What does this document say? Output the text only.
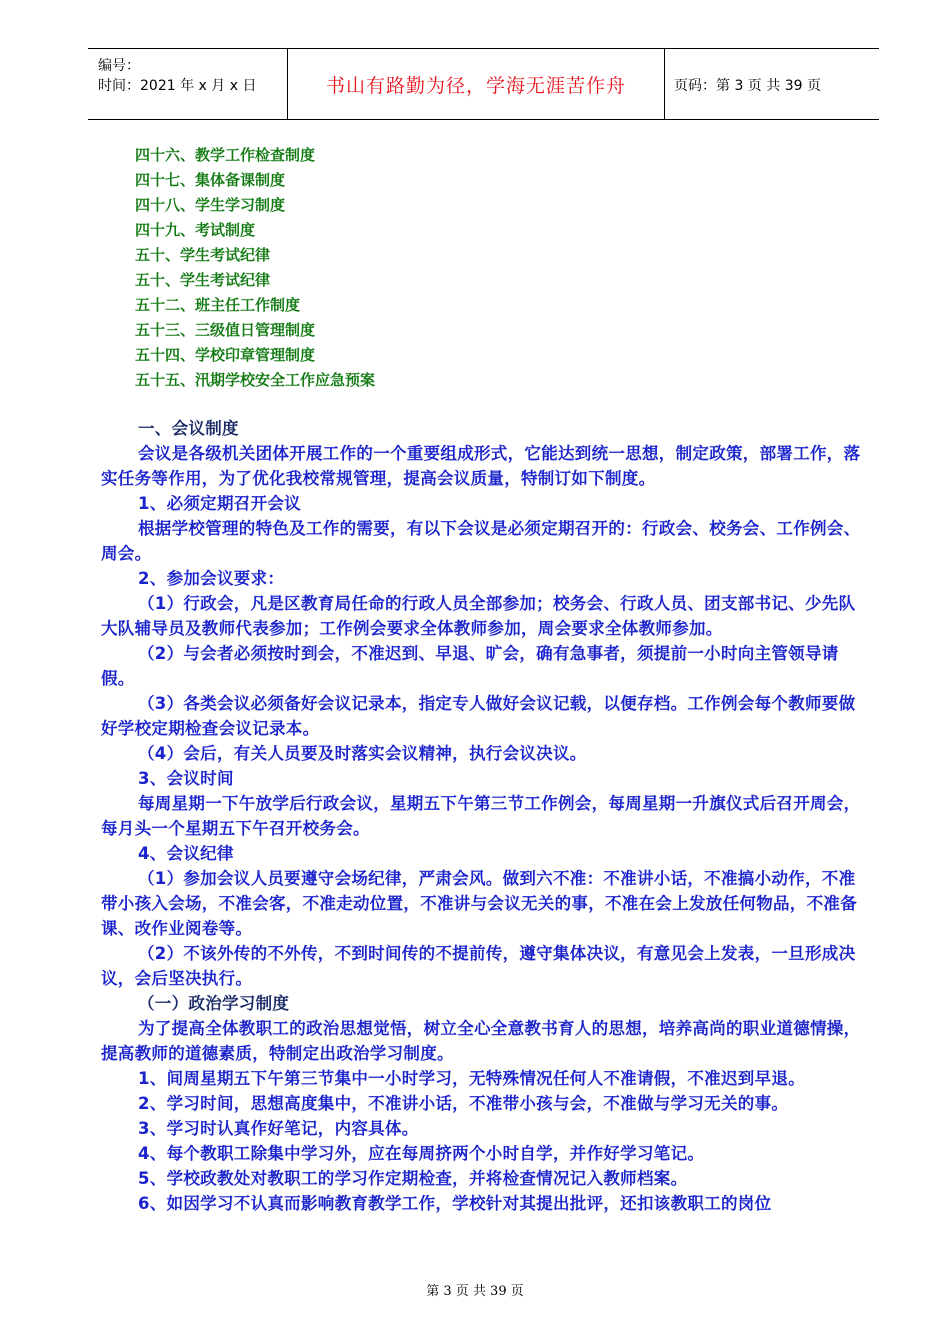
编号：
时间：2021 年 x 月 x 日	书山有路勤为径，学海无涯苦作舟	页码：第 3 页 共 39 页
四十六、教学工作检查制度
四十七、集体备课制度
四十八、学生学习制度
四十九、考试制度
五十、学生考试纪律
五十、学生考试纪律
五十二、班主任工作制度
五十三、三级值日管理制度
五十四、学校印章管理制度
五十五、汛期学校安全工作应急预案

一、会议制度

会议是各级机关团体开展工作的一个重要组成形式，它能达到统一思想，制定政策，部署工作，落实任务等作用，为了优化我校常规管理，提高会议质量，特制订如下制度。

1、必须定期召开会议

根据学校管理的特色及工作的需要，有以下会议是必须定期召开的：行政会、校务会、工作例会、周会。

2、参加会议要求：

（1）行政会，凡是区教育局任命的行政人员全部参加；校务会、行政人员、团支部书记、少先队大队辅导员及教师代表参加；工作例会要求全体教师参加，周会要求全体教师参加。

（2）与会者必须按时到会，不准迟到、早退、旷会，确有急事者，须提前一小时向主管领导请假。

（3）各类会议必须备好会议记录本，指定专人做好会议记载，以便存档。工作例会每个教师要做好学校定期检查会议记录本。

（4）会后，有关人员要及时落实会议精神，执行会议决议。

3、会议时间

每周星期一下午放学后行政会议，星期五下午第三节工作例会，每周星期一升旗仪式后召开周会，每月头一个星期五下午召开校务会。

4、会议纪律

（1）参加会议人员要遵守会场纪律，严肃会风。做到六不准：不准讲小话，不准搞小动作，不准带小孩入会场，不准会客，不准走动位置，不准讲与会议无关的事，不准在会上发放任何物品，不准备课、改作业阅卷等。

（2）不该外传的不外传，不到时间传的不提前传，遵守集体决议，有意见会上发表，一旦形成决议，会后坚决执行。

（一）政治学习制度

为了提高全体教职工的政治思想觉悟，树立全心全意教书育人的思想，培养高尚的职业道德情操，提高教师的道德素质，特制定出政治学习制度。

1、间周星期五下午第三节集中一小时学习，无特殊情况任何人不准请假，不准迟到早退。

2、学习时间，思想高度集中，不准讲小话，不准带小孩与会，不准做与学习无关的事。

3、学习时认真作好笔记，内容具体。

4、每个教职工除集中学习外，应在每周挤两个小时自学，并作好学习笔记。

5、学校政教处对教职工的学习作定期检查，并将检查情况记入教师档案。

6、如因学习不认真而影响教育教学工作，学校针对其提出批评，还扣该教职工的岗位

第 3 页 共 39 页
